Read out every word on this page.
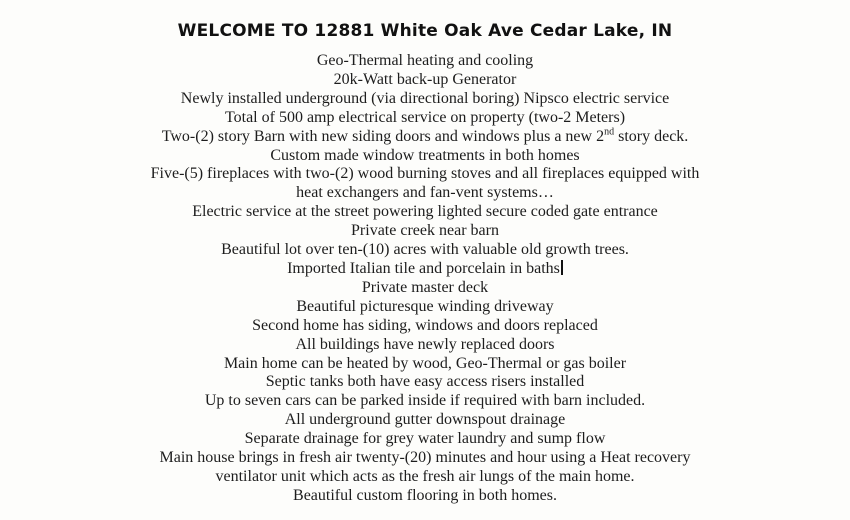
WELCOME TO 12881 White Oak Ave Cedar Lake, IN
Geo-Thermal heating and cooling
20k-Watt back-up Generator
Newly installed underground (via directional boring) Nipsco electric service
Total of 500 amp electrical service on property (two-2 Meters)
Two-(2) story Barn with new siding doors and windows plus a new 2nd story deck.
Custom made window treatments in both homes
Five-(5) fireplaces with two-(2) wood burning stoves and all fireplaces equipped with
heat exchangers and fan-vent systems…
Electric service at the street powering lighted secure coded gate entrance
Private creek near barn
Beautiful lot over ten-(10) acres with valuable old growth trees.
Imported Italian tile and porcelain in baths
Private master deck
Beautiful picturesque winding driveway
Second home has siding, windows and doors replaced
All buildings have newly replaced doors
Main home can be heated by wood, Geo-Thermal or gas boiler
Septic tanks both have easy access risers installed
Up to seven cars can be parked inside if required with barn included.
All underground gutter downspout drainage
Separate drainage for grey water laundry and sump flow
Main house brings in fresh air twenty-(20) minutes and hour using a Heat recovery
ventilator unit which acts as the fresh air lungs of the main home.
Beautiful custom flooring in both homes.
